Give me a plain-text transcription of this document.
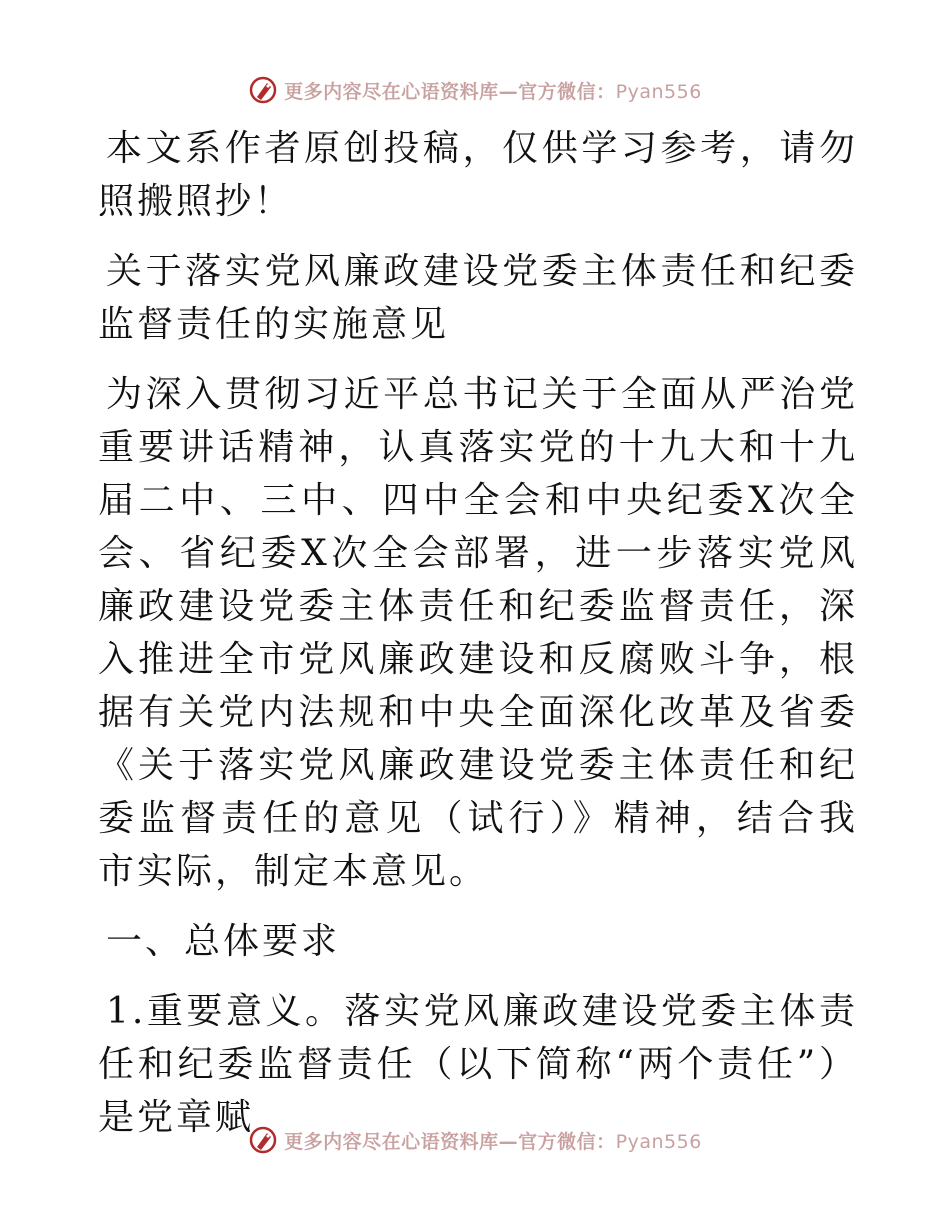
更多内容尽在心语资料库—官方微信：Pyan556

本文系作者原创投稿，仅供学习参考，请勿照搬照抄！

关于落实党风廉政建设党委主体责任和纪委监督责任的实施意见

为深入贯彻习近平总书记关于全面从严治党重要讲话精神，认真落实党的十九大和十九届二中、三中、四中全会和中央纪委X次全会、省纪委X次全会部署，进一步落实党风廉政建设党委主体责任和纪委监督责任，深入推进全市党风廉政建设和反腐败斗争，根据有关党内法规和中央全面深化改革及省委《关于落实党风廉政建设党委主体责任和纪委监督责任的意见（试行）》精神，结合我市实际，制定本意见。

一、总体要求

1.重要意义。落实党风廉政建设党委主体责任和纪委监督责任（以下简称“两个责任”）是党章赋

更多内容尽在心语资料库—官方微信：Pyan556
